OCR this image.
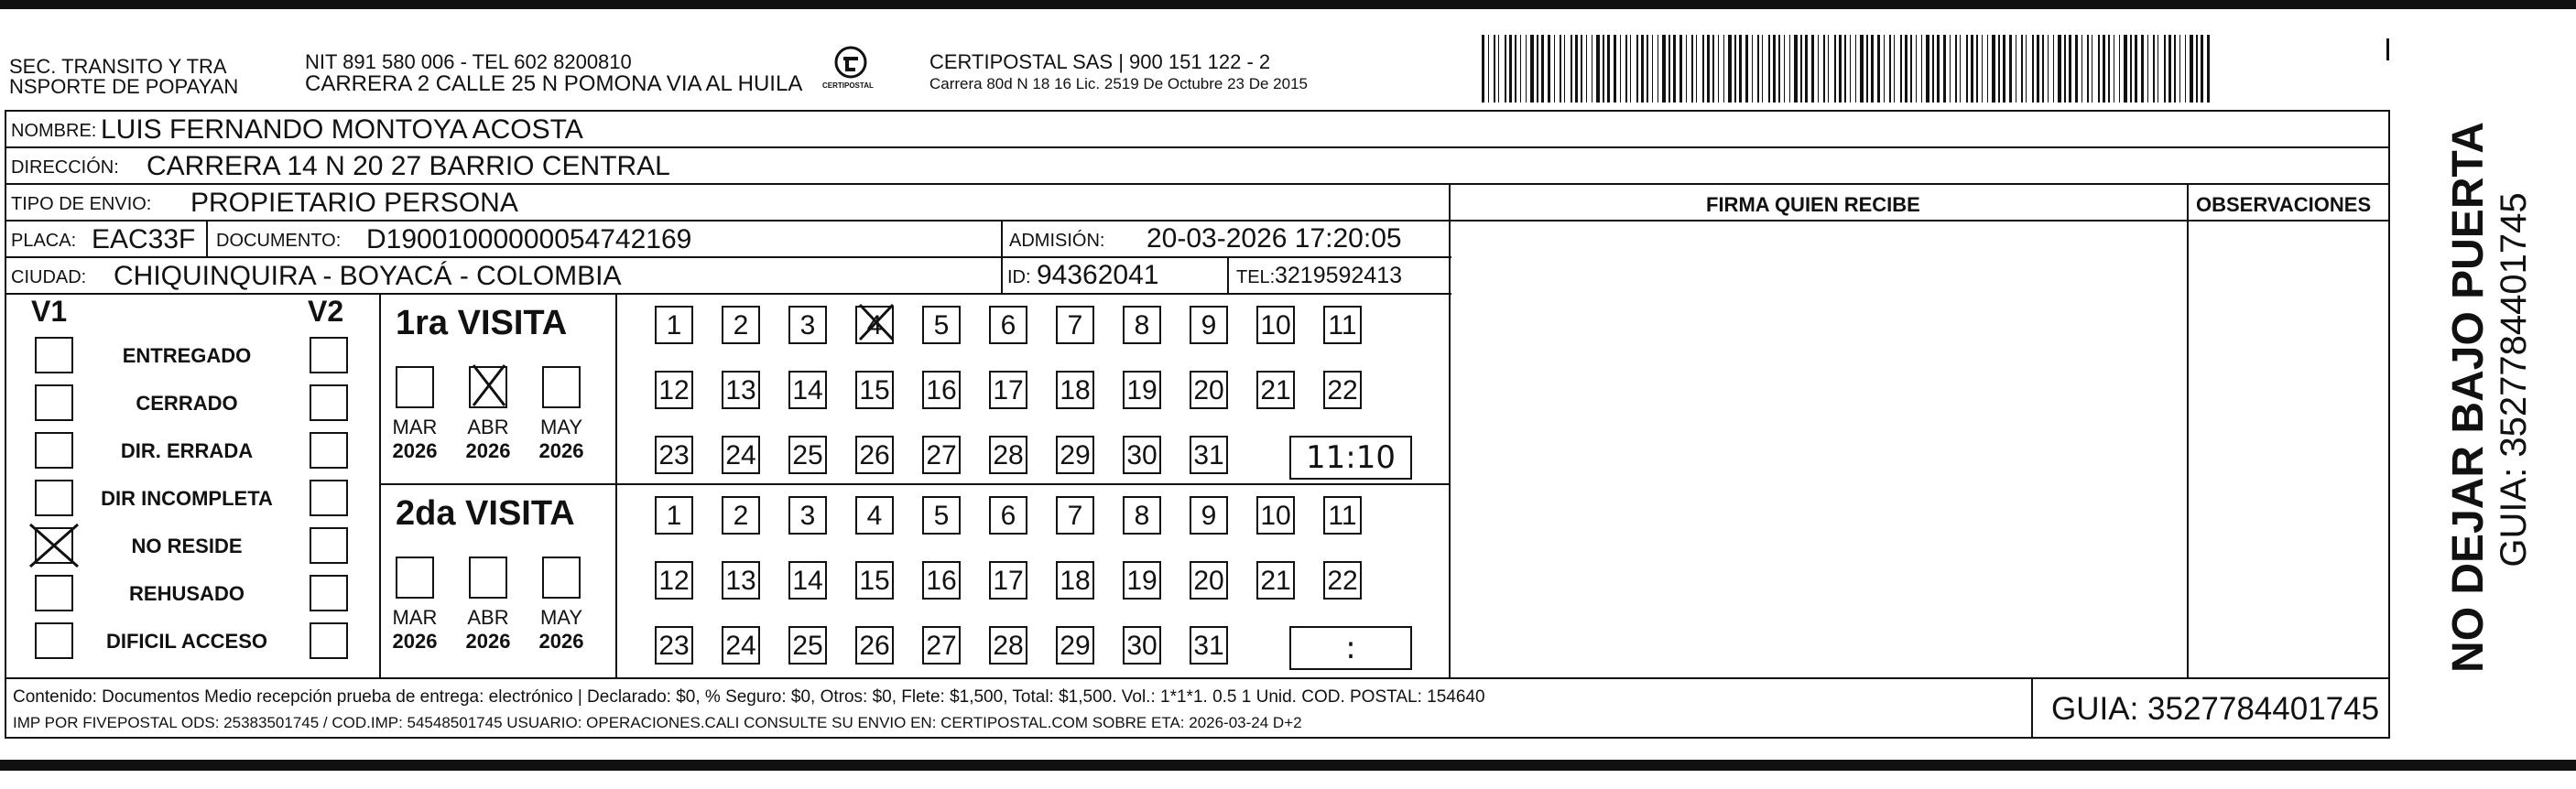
SEC. TRANSITO Y TRA
NSPORTE DE POPAYAN
NIT 891 580 006 - TEL 602 8200810
CARRERA 2 CALLE 25 N POMONA VIA AL HUILA	CERTIPOSTAL
CERTIPOSTAL SAS | 900 151 122 - 2
Carrera 80d N 18 16 Lic. 2519 De Octubre 23 De 2015
NOMBRE: LUIS FERNANDO MONTOYA ACOSTA
DIRECCIÓN: CARRERA 14 N 20 27 BARRIO CENTRAL
TIPO DE ENVIO: PROPIETARIO PERSONA	FIRMA QUIEN RECIBE	OBSERVACIONES
PLACA: EAC33F DOCUMENTO: D19001000000054742169	ADMISIÓN: 20-03-2026 17:20:05
CIUDAD: CHIQUINQUIRA - BOYACÁ - COLOMBIA	ID: 94362041	TEL: 3219592413
V1	V2
ENTREGADO
CERRADO
DIR. ERRADA
DIR INCOMPLETA
NO RESIDE
REHUSADO
DIFICIL ACCESO
1ra VISITA
MAR
2026
ABR
2026
MAY
2026
1	2	3	4	5	6	7	8	9	10 11
12 13 14 15 16 17 18 19 20 21 22
23 24 25 26 27 28 29 30 31	11:10
2da VISITA
MAR
2026
ABR
2026
MAY
2026
1	2	3	4	5	6	7	8	9	10 11
12 13 14 15 16 17 18 19 20 21 22
23 24 25 26 27 28 29 30 31	:
Contenido: Documentos Medio recepción prueba de entrega: electrónico | Declarado: $0, % Seguro: $0, Otros: $0, Flete: $1,500, Total: $1,500. Vol.: 1*1*1. 0.5 1 Unid. COD. POSTAL: 154640
IMP POR FIVEPOSTAL ODS: 25383501745 / COD.IMP: 54548501745 USUARIO: OPERACIONES.CALI CONSULTE SU ENVIO EN: CERTIPOSTAL.COM SOBRE ETA: 2026-03-24 D+2	GUIA: 3527784401745
NO DEJAR BAJO PUERTA GUIA: 3527784401745
